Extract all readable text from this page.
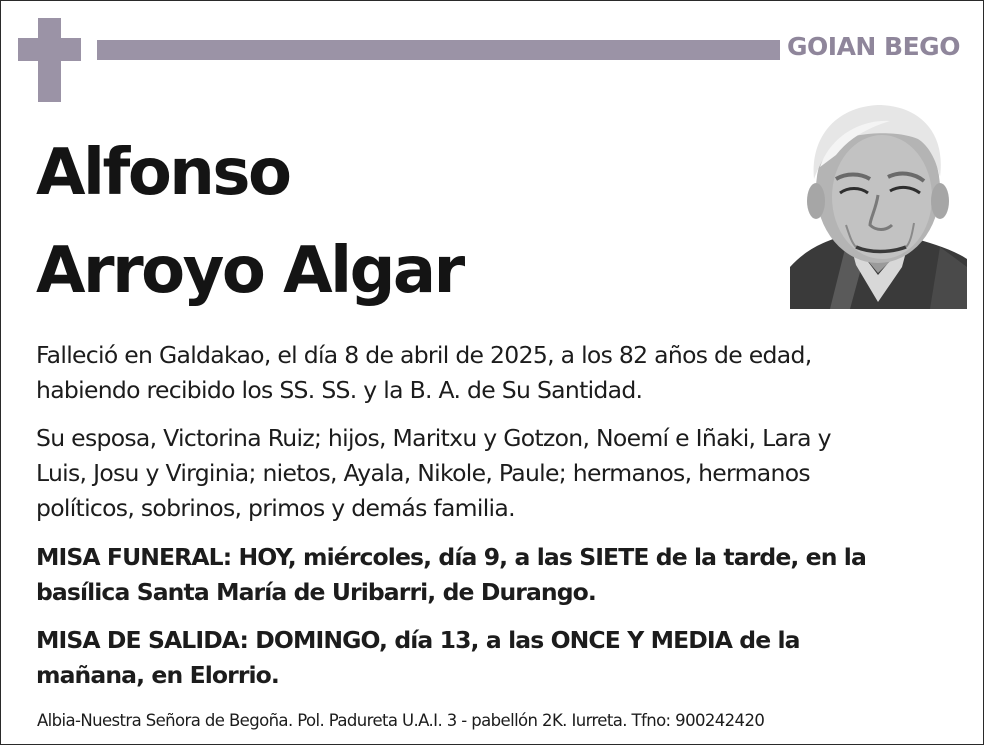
GOIAN BEGO
Alfonso
Arroyo Algar
Falleció en Galdakao, el día 8 de abril de 2025, a los 82 años de edad,
habiendo recibido los SS. SS. y la B. A. de Su Santidad.
Su esposa, Victorina Ruiz; hijos, Maritxu y Gotzon, Noemí e Iñaki, Lara y
Luis, Josu y Virginia; nietos, Ayala, Nikole, Paule; hermanos, hermanos
políticos, sobrinos, primos y demás familia.
MISA FUNERAL: HOY, miércoles, día 9, a las SIETE de la tarde, en la
basílica Santa María de Uribarri, de Durango.
MISA DE SALIDA: DOMINGO, día 13, a las ONCE Y MEDIA de la
mañana, en Elorrio.
Albia-Nuestra Señora de Begoña. Pol. Padureta U.A.I. 3 - pabellón 2K. Iurreta. Tfno: 900242420
